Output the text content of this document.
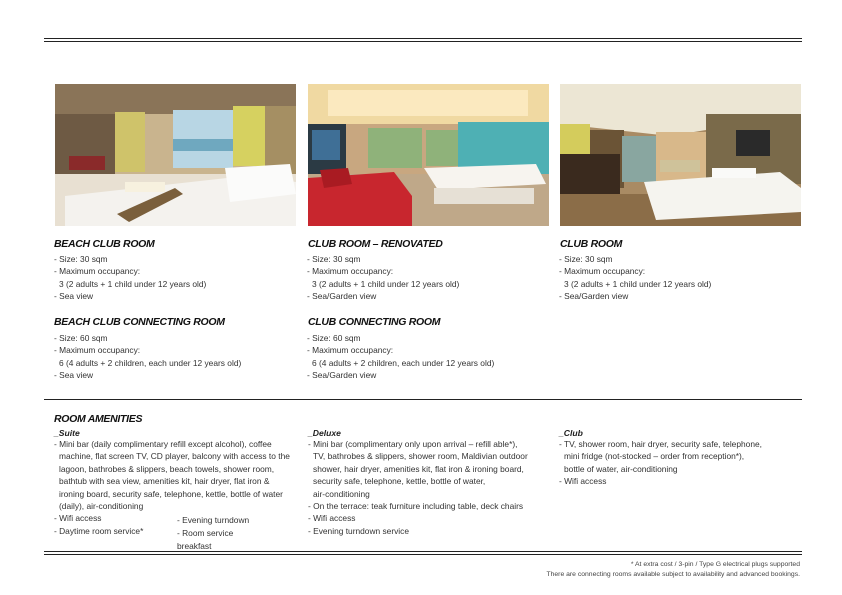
BEACH CLUB ROOM
- Size: 30 sqm
- Maximum occupancy:
3 (2 adults + 1 child under 12 years old)
- Sea view
CLUB ROOM – RENOVATED
- Size: 30 sqm
- Maximum occupancy:
3 (2 adults + 1 child under 12 years old)
- Sea/Garden view
CLUB ROOM
- Size: 30 sqm
- Maximum occupancy:
3 (2 adults + 1 child under 12 years old)
- Sea/Garden view
BEACH CLUB CONNECTING ROOM
- Size: 60 sqm
- Maximum occupancy:
6 (4 adults + 2 children, each under 12 years old)
- Sea view
CLUB CONNECTING ROOM
- Size: 60 sqm
- Maximum occupancy:
6 (4 adults + 2 children, each under 12 years old)
- Sea/Garden view
ROOM AMENITIES
_Suite
- Mini bar (daily complimentary refill except alcohol), coffee
machine, flat screen TV, CD player, balcony with access to the
lagoon, bathrobes & slippers, beach towels, shower room,
bathtub with sea view, amenities kit, hair dryer, flat iron &
ironing board, security safe, telephone, kettle, bottle of water
(daily), air-conditioning
- Wifi access
- Daytime room service*
- Evening turndown
- Room service
breakfast
_Deluxe
- Mini bar (complimentary only upon arrival – refill able*),
TV, bathrobes & slippers, shower room, Maldivian outdoor
shower, hair dryer, amenities kit, flat iron & ironing board,
security safe, telephone, kettle, bottle of water,
air-conditioning
- On the terrace: teak furniture including table, deck chairs
- Wifi access
- Evening turndown service
_Club
- TV, shower room, hair dryer, security safe, telephone,
mini fridge (not-stocked – order from reception*),
bottle of water, air-conditioning
- Wifi access
* At extra cost / 3-pin / Type G electrical plugs supported
There are connecting rooms available subject to availability and advanced bookings.
